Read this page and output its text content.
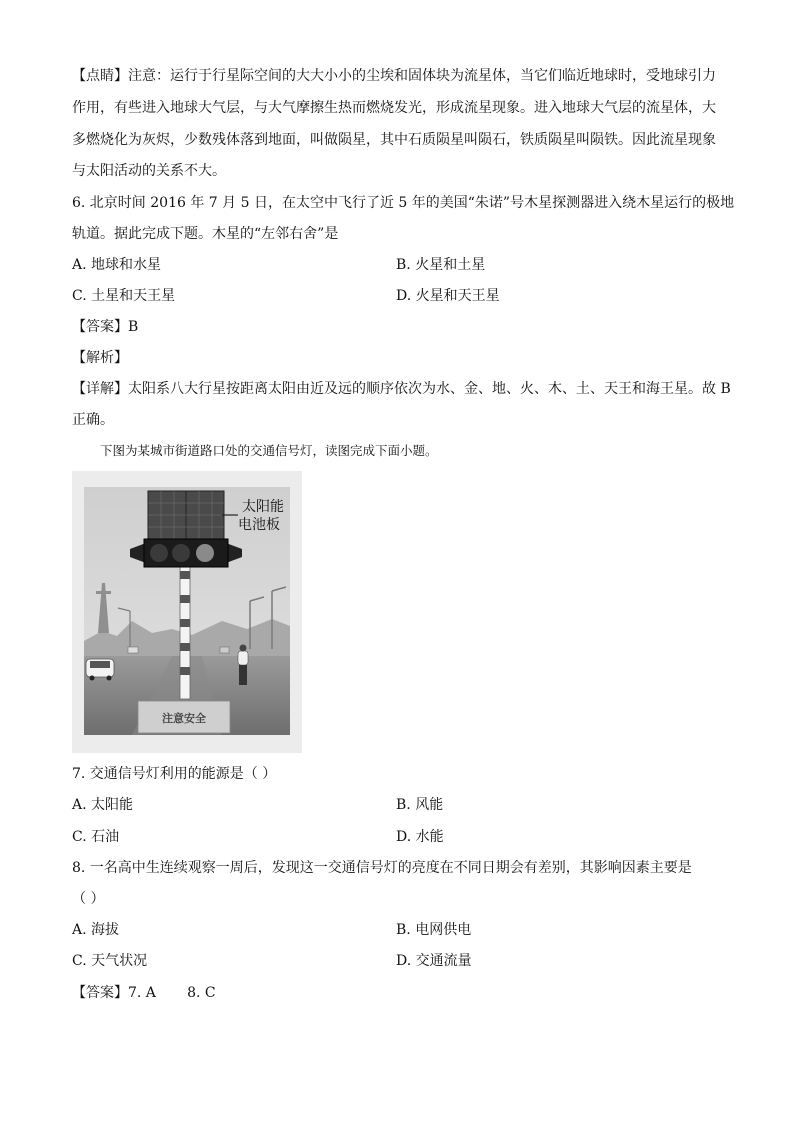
【点睛】注意：运行于行星际空间的大大小小的尘埃和固体块为流星体，当它们临近地球时，受地球引力
作用，有些进入地球大气层，与大气摩擦生热而燃烧发光，形成流星现象。进入地球大气层的流星体，大
多燃烧化为灰烬，少数残体落到地面，叫做陨星，其中石质陨星叫陨石，铁质陨星叫陨铁。因此流星现象
与太阳活动的关系不大。
6. 北京时间 2016 年 7 月 5 日，在太空中飞行了近 5 年的美国“朱诺”号木星探测器进入绕木星运行的极地
轨道。据此完成下题。木星的“左邻右舍”是
A. 地球和水星	B. 火星和土星
C. 土星和天王星	D. 火星和天王星
【答案】B
【解析】
【详解】太阳系八大行星按距离太阳由近及远的顺序依次为水、金、地、火、木、土、天王和海王星。故 B
正确。
下图为某城市街道路口处的交通信号灯，读图完成下面小题。
太阳能
电池板
注意安全
7. 交通信号灯利用的能源是（ ）
A. 太阳能	B. 风能
C. 石油	D. 水能
8. 一名高中生连续观察一周后，发现这一交通信号灯的亮度在不同日期会有差别，其影响因素主要是
（ ）
A. 海拔	B. 电网供电
C. 天气状况	D. 交通流量
【答案】7. A       8. C
